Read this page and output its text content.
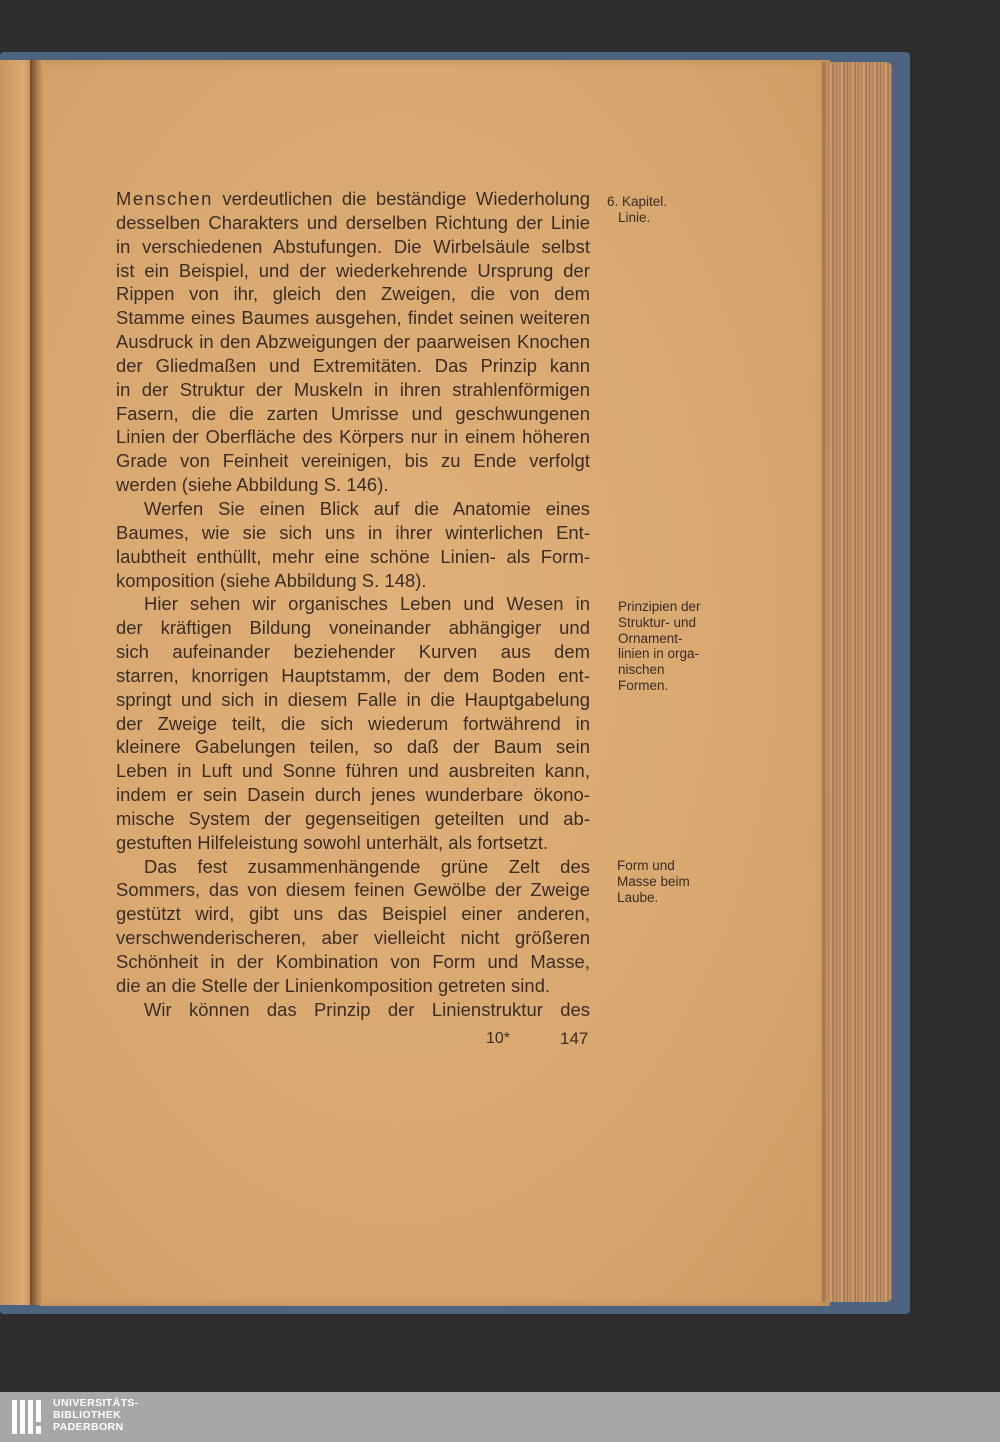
Menschen verdeutlichen die beständige Wiederholung
desselben Charakters und derselben Richtung der Linie
in verschiedenen Abstufungen. Die Wirbelsäule selbst
ist ein Beispiel, und der wiederkehrende Ursprung der
Rippen von ihr, gleich den Zweigen, die von dem
Stamme eines Baumes ausgehen, findet seinen weiteren
Ausdruck in den Abzweigungen der paarweisen Knochen
der Gliedmaßen und Extremitäten. Das Prinzip kann
in der Struktur der Muskeln in ihren strahlenförmigen
Fasern, die die zarten Umrisse und geschwungenen
Linien der Oberfläche des Körpers nur in einem höheren
Grade von Feinheit vereinigen, bis zu Ende verfolgt
werden (siehe Abbildung S. 146).
Werfen Sie einen Blick auf die Anatomie eines
Baumes, wie sie sich uns in ihrer winterlichen Ent-
laubtheit enthüllt, mehr eine schöne Linien- als Form-
komposition (siehe Abbildung S. 148).
Hier sehen wir organisches Leben und Wesen in
der kräftigen Bildung voneinander abhängiger und
sich aufeinander beziehender Kurven aus dem
starren, knorrigen Hauptstamm, der dem Boden ent-
springt und sich in diesem Falle in die Hauptgabelung
der Zweige teilt, die sich wiederum fortwährend in
kleinere Gabelungen teilen, so daß der Baum sein
Leben in Luft und Sonne führen und ausbreiten kann,
indem er sein Dasein durch jenes wunderbare ökono-
mische System der gegenseitigen geteilten und ab-
gestuften Hilfeleistung sowohl unterhält, als fortsetzt.
Das fest zusammenhängende grüne Zelt des
Sommers, das von diesem feinen Gewölbe der Zweige
gestützt wird, gibt uns das Beispiel einer anderen,
verschwenderischeren, aber vielleicht nicht größeren
Schönheit in der Kombination von Form und Masse,
die an die Stelle der Linienkomposition getreten sind.
Wir können das Prinzip der Linienstruktur des
6. Kapitel.
Linie.
Prinzipien der
Struktur- und
Ornament-
linien in orga-
nischen
Formen.
Form und
Masse beim
Laube.
10*	147
UNIVERSITÄTS-
BIBLIOTHEK
PADERBORN
